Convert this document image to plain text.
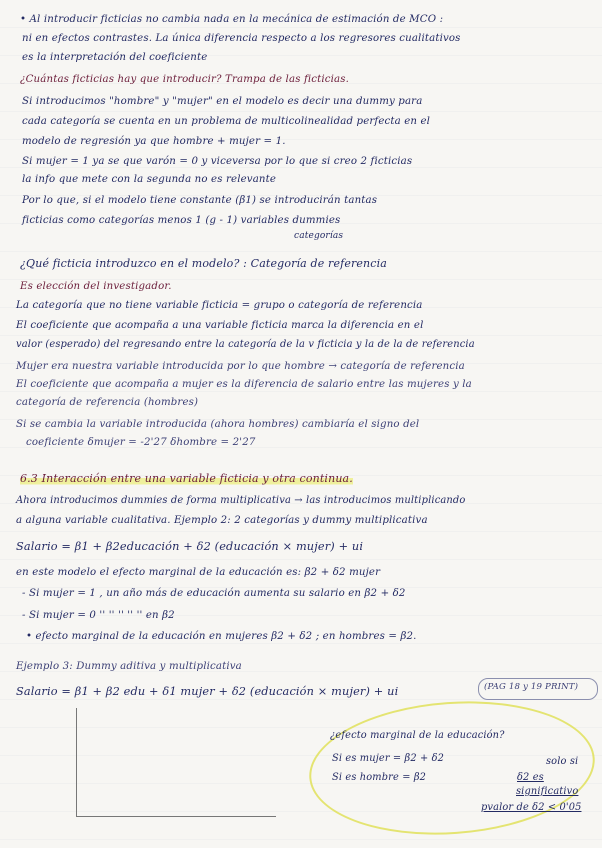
• Al introducir ficticias no cambia nada en la mecánica de estimación de MCO :
ni en efectos contrastes. La única diferencia respecto a los regresores cualitativos
es la interpretación del coeficiente
¿Cuántas ficticias hay que introducir? Trampa de las ficticias.
Si introducimos "hombre" y "mujer" en el modelo es decir una dummy para
cada categoría se cuenta en un problema de multicolinealidad perfecta en el
modelo de regresión ya que hombre + mujer = 1.
Si mujer = 1 ya se que varón = 0 y viceversa por lo que si creo 2 ficticias
la info que mete con la segunda no es relevante
Por lo que, si el modelo tiene constante (β1) se introducirán tantas
ficticias como categorías menos 1 (g - 1) variables dummies
categorías
¿Qué ficticia introduzco en el modelo? : Categoría de referencia
Es elección del investigador.
La categoría que no tiene variable ficticia = grupo o categoría de referencia
El coeficiente que acompaña a una variable ficticia marca la diferencia en el
valor (esperado) del regresando entre la categoría de la v ficticia y la de la de referencia
Mujer era nuestra variable introducida por lo que hombre → categoría de referencia
El coeficiente que acompaña a mujer es la diferencia de salario entre las mujeres y la
categoría de referencia (hombres)
Si se cambia la variable introducida (ahora hombres) cambiaría el signo del
coeficiente δmujer = -2'27 δhombre = 2'27
6.3 Interacción entre una variable ficticia y otra continua.
Ahora introducimos dummies de forma multiplicativa → las introducimos multiplicando
a alguna variable cualitativa. Ejemplo 2: 2 categorías y dummy multiplicativa
Salario = β1 + β2educación + δ2 (educación × mujer) + ui
en este modelo el efecto marginal de la educación es: β2 + δ2 mujer
- Si mujer = 1 , un año más de educación aumenta su salario en β2 + δ2
- Si mujer = 0 '' '' '' '' '' en β2
• efecto marginal de la educación en mujeres β2 + δ2 ; en hombres = β2.
Ejemplo 3: Dummy aditiva y multiplicativa
Salario = β1 + β2 edu + δ1 mujer + δ2 (educación × mujer) + ui	(PAG 18 y 19 PRINT)
¿efecto marginal de la educación?
Si es mujer = β2 + δ2	solo si
Si es hombre = β2	δ2 es
significativo
pvalor de δ2 < 0'05
